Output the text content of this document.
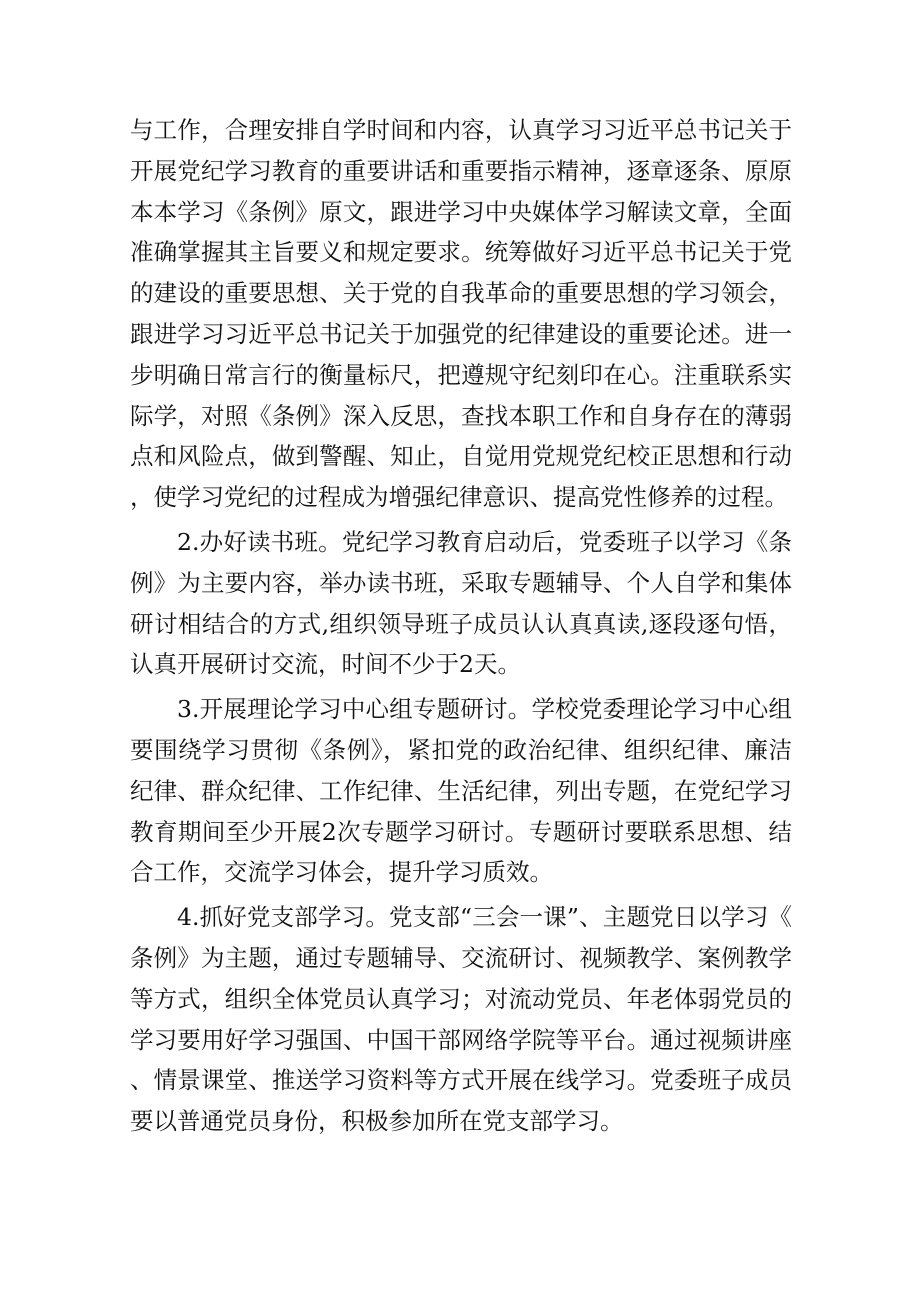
与工作，合理安排自学时间和内容，认真学习习近平总书记关于开展党纪学习教育的重要讲话和重要指示精神，逐章逐条、原原本本学习《条例》原文，跟进学习中央媒体学习解读文章，全面准确掌握其主旨要义和规定要求。统筹做好习近平总书记关于党的建设的重要思想、关于党的自我革命的重要思想的学习领会，跟进学习习近平总书记关于加强党的纪律建设的重要论述。进一步明确日常言行的衡量标尺，把遵规守纪刻印在心。注重联系实际学，对照《条例》深入反思，查找本职工作和自身存在的薄弱点和风险点，做到警醒、知止，自觉用党规党纪校正思想和行动，使学习党纪的过程成为增强纪律意识、提高党性修养的过程。

2.办好读书班。党纪学习教育启动后，党委班子以学习《条例》为主要内容，举办读书班，采取专题辅导、个人自学和集体研讨相结合的方式,组织领导班子成员认认真真读,逐段逐句悟，认真开展研讨交流，时间不少于2天。

3.开展理论学习中心组专题研讨。学校党委理论学习中心组要围绕学习贯彻《条例》，紧扣党的政治纪律、组织纪律、廉洁纪律、群众纪律、工作纪律、生活纪律，列出专题，在党纪学习教育期间至少开展2次专题学习研讨。专题研讨要联系思想、结合工作，交流学习体会，提升学习质效。

4.抓好党支部学习。党支部“三会一课”、主题党日以学习《条例》为主题，通过专题辅导、交流研讨、视频教学、案例教学等方式，组织全体党员认真学习；对流动党员、年老体弱党员的学习要用好学习强国、中国干部网络学院等平台。通过视频讲座、情景课堂、推送学习资料等方式开展在线学习。党委班子成员要以普通党员身份，积极参加所在党支部学习。
